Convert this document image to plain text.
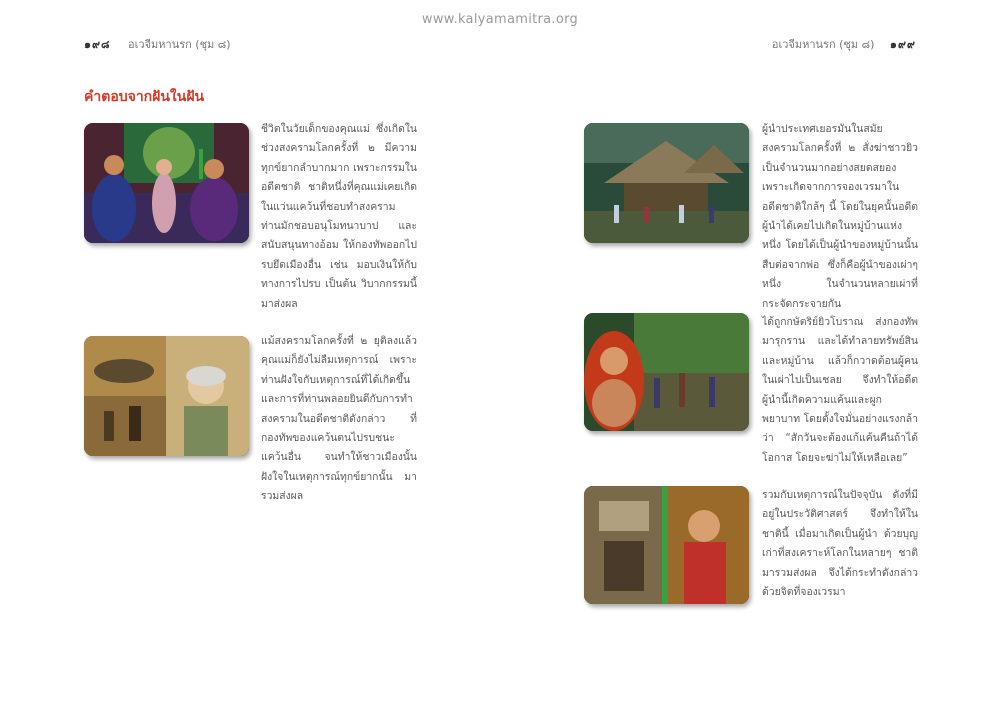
www.kalyamamitra.org
๑๙๘ อเวจีมหานรก (ชุม ๘)	อเวจีมหานรก (ชุม ๘) ๑๙๙
คำตอบจากฝันในฝัน

ชีวิตในวัยเด็กของคุณแม่ ซึ่งเกิดในช่วงสงครามโลกครั้งที่ ๒ มีความทุกข์ยากลำบากมาก เพราะกรรมในอดีตชาติ ชาติหนึ่งที่คุณแม่เคยเกิดในแว่นแคว้นที่ชอบทำสงคราม ท่านมักชอบอนุโมทนาบาป และสนับสนุนทางอ้อม ให้กองทัพออกไปรบยึดเมืองอื่น เช่น มอบเงินให้กับทางการไปรบ เป็นต้น วิบากกรรมนี้มาส่งผล

แม้สงครามโลกครั้งที่ ๒ ยุติลงแล้ว คุณแม่ก็ยังไม่ลืมเหตุการณ์ เพราะท่านฝังใจกับเหตุการณ์ที่ได้เกิดขึ้น และการที่ท่านพลอยยินดีกับการทำสงครามในอดีตชาติดังกล่าว ที่กองทัพของแคว้นตนไปรบชนะแคว้นอื่น จนทำให้ชาวเมืองนั้นฝังใจในเหตุการณ์ทุกข์ยากนั้น มารวมส่งผล

ผู้นำประเทศเยอรมันในสมัยสงครามโลกครั้งที่ ๒ สั่งฆ่าชาวยิวเป็นจำนวนมากอย่างสยดสยอง เพราะเกิดจากการจองเวรมาในอดีตชาติใกล้ๆ นี้ โดยในยุคนั้นอดีตผู้นำได้เคยไปเกิดในหมู่บ้านแห่งหนึ่ง โดยได้เป็นผู้นำของหมู่บ้านนั้นสืบต่อจากพ่อ ซึ่งก็คือผู้นำของเผ่าๆ หนึ่ง ในจำนวนหลายเผ่าที่กระจัดกระจายกัน

ได้ถูกกษัตริย์ยิวโบราณ ส่งกองทัพมารุกราน และได้ทำลายทรัพย์สินและหมู่บ้าน แล้วก็กวาดต้อนผู้คนในเผ่าไปเป็นเชลย จึงทำให้อดีตผู้นำนี้เกิดความแค้นและผูกพยาบาท โดยตั้งใจมั่นอย่างแรงกล้าว่า “สักวันจะต้องแก้แค้นคืนถ้าได้โอกาส โดยจะฆ่าไม่ให้เหลือเลย”

รวมกับเหตุการณ์ในปัจจุบัน ดังที่มีอยู่ในประวัติศาสตร์ จึงทำให้ในชาตินี้ เมื่อมาเกิดเป็นผู้นำ ด้วยบุญเก่าที่สงเคราะห์โลกในหลายๆ ชาติ มารวมส่งผล จึงได้กระทำดังกล่าวด้วยจิตที่จองเวรมา
